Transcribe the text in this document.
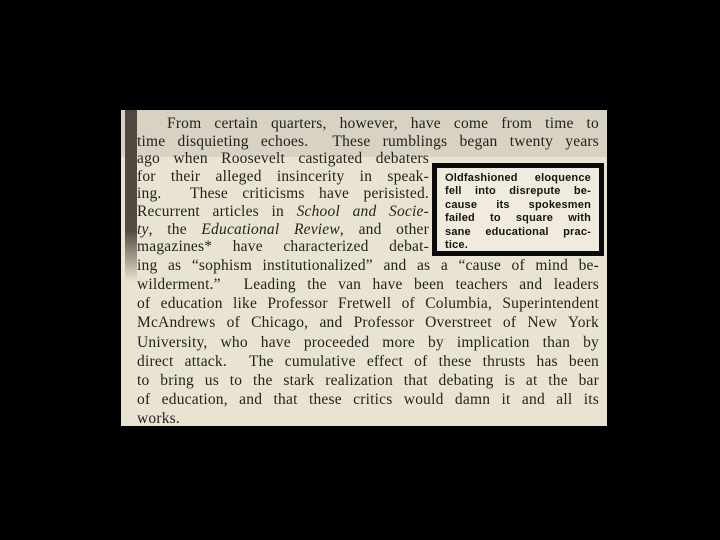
From certain quarters, however, have come from time to
time disquieting echoes.  These rumblings began twenty years
ago when Roosevelt castigated debaters
for their alleged insincerity in speak-
ing.  These criticisms have perisisted.
Recurrent articles in School and Socie-
ty, the Educational Review, and other
magazines* have characterized debat-
ing as “sophism institutionalized” and as a “cause of mind be-
wilderment.”  Leading the van have been teachers and leaders
of education like Professor Fretwell of Columbia, Superintendent
McAndrews of Chicago, and Professor Overstreet of New York
University, who have proceeded more by implication than by
direct attack.  The cumulative effect of these thrusts has been
to bring us to the stark realization that debating is at the bar
of education, and that these critics would damn it and all its
works.
Oldfashioned eloquence
fell into disrepute be-
cause its spokesmen
failed to square with
sane educational prac-
tice.
